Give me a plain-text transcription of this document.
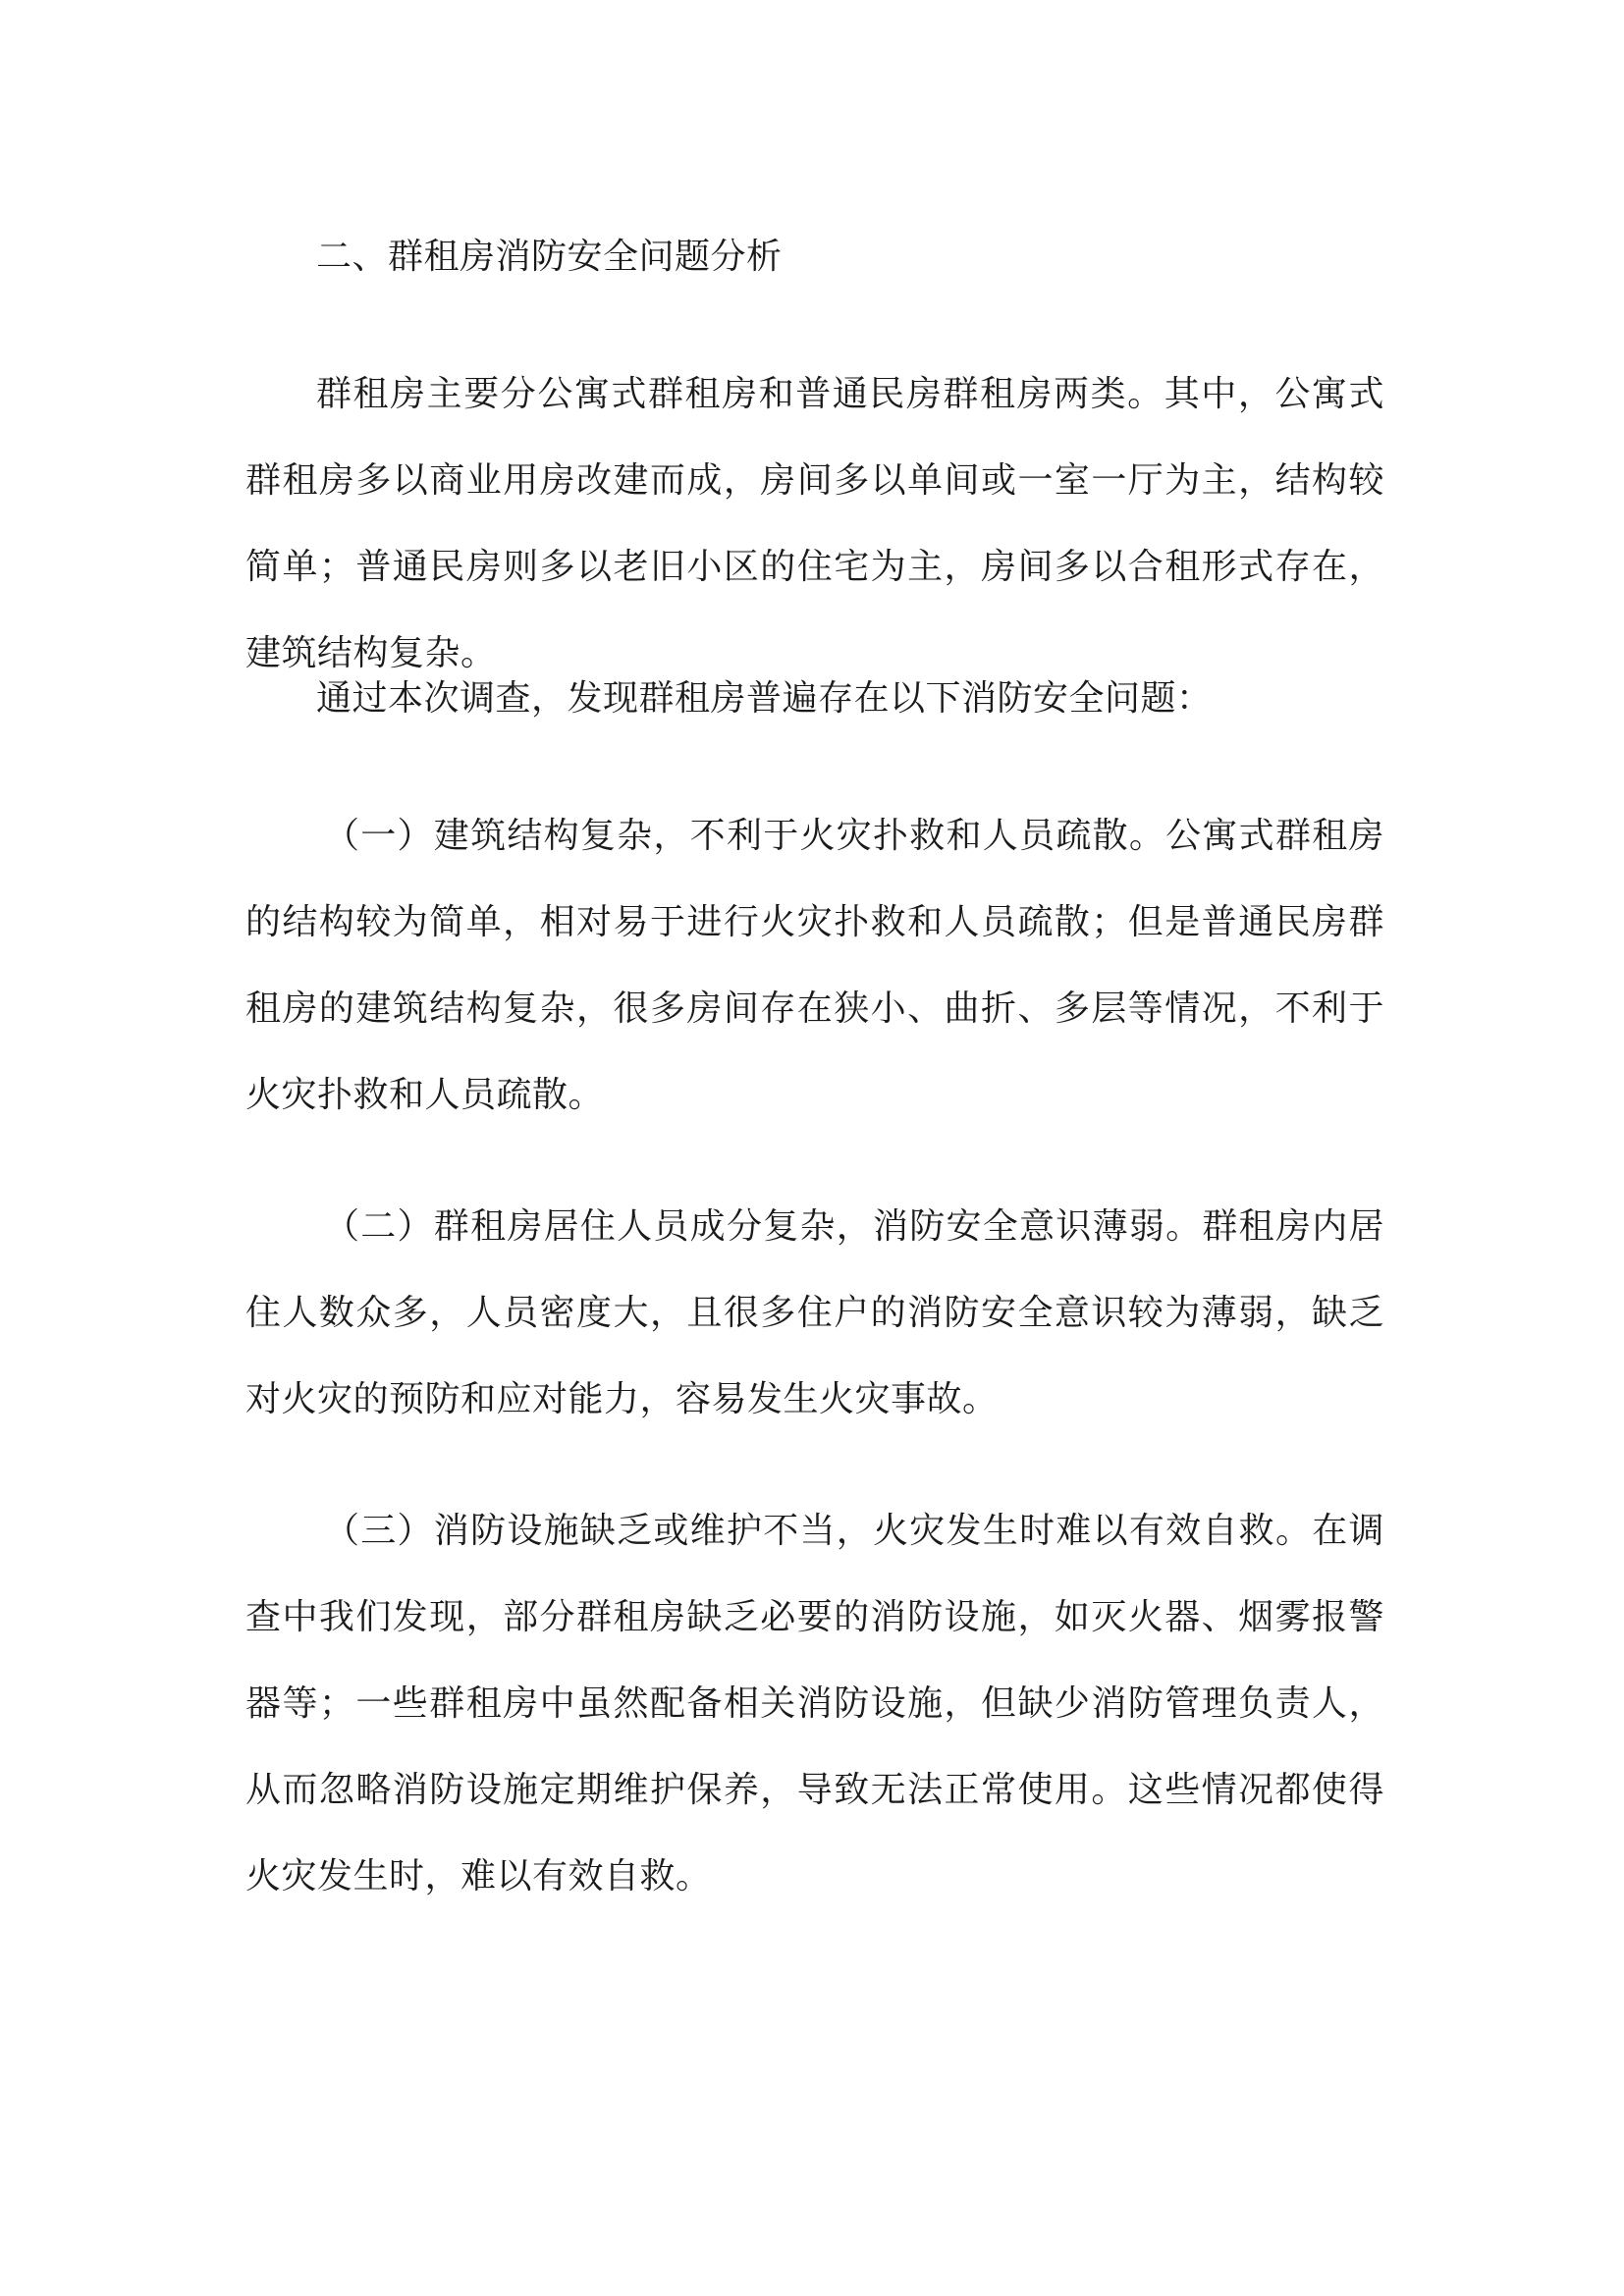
二、群租房消防安全问题分析

群租房主要分公寓式群租房和普通民房群租房两类。其中，公寓式群租房多以商业用房改建而成，房间多以单间或一室一厅为主，结构较简单；普通民房则多以老旧小区的住宅为主，房间多以合租形式存在，建筑结构复杂。

通过本次调查，发现群租房普遍存在以下消防安全问题：

（一）建筑结构复杂，不利于火灾扑救和人员疏散。公寓式群租房的结构较为简单，相对易于进行火灾扑救和人员疏散；但是普通民房群租房的建筑结构复杂，很多房间存在狭小、曲折、多层等情况，不利于火灾扑救和人员疏散。

（二）群租房居住人员成分复杂，消防安全意识薄弱。群租房内居住人数众多，人员密度大，且很多住户的消防安全意识较为薄弱，缺乏对火灾的预防和应对能力，容易发生火灾事故。

（三）消防设施缺乏或维护不当，火灾发生时难以有效自救。在调查中我们发现，部分群租房缺乏必要的消防设施，如灭火器、烟雾报警器等；一些群租房中虽然配备相关消防设施，但缺少消防管理负责人，从而忽略消防设施定期维护保养，导致无法正常使用。这些情况都使得火灾发生时，难以有效自救。
